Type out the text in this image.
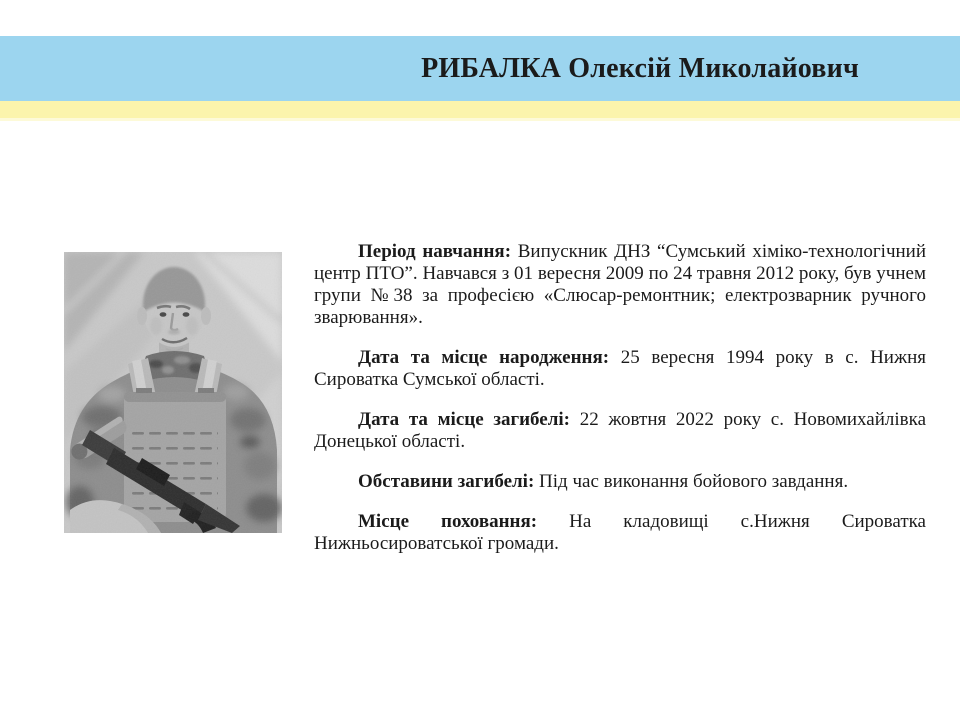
РИБАЛКА Олексій Миколайович

Період навчання: Випускник ДНЗ “Сумський хіміко-технологічний центр ПТО”. Навчався з 01 вересня 2009 по 24 травня 2012 року, був учнем групи №38 за професією «Слюсар-ремонтник; електрозварник ручного зварювання».

Дата та місце народження: 25 вересня 1994 року в с. Нижня Сироватка Сумської області.

Дата та місце загибелі: 22 жовтня 2022 року с. Новомихайлівка Донецької області.

Обставини загибелі: Під час виконання бойового завдання.

Місце поховання: На кладовищі с.Нижня Сироватка Нижньосироватської громади.
